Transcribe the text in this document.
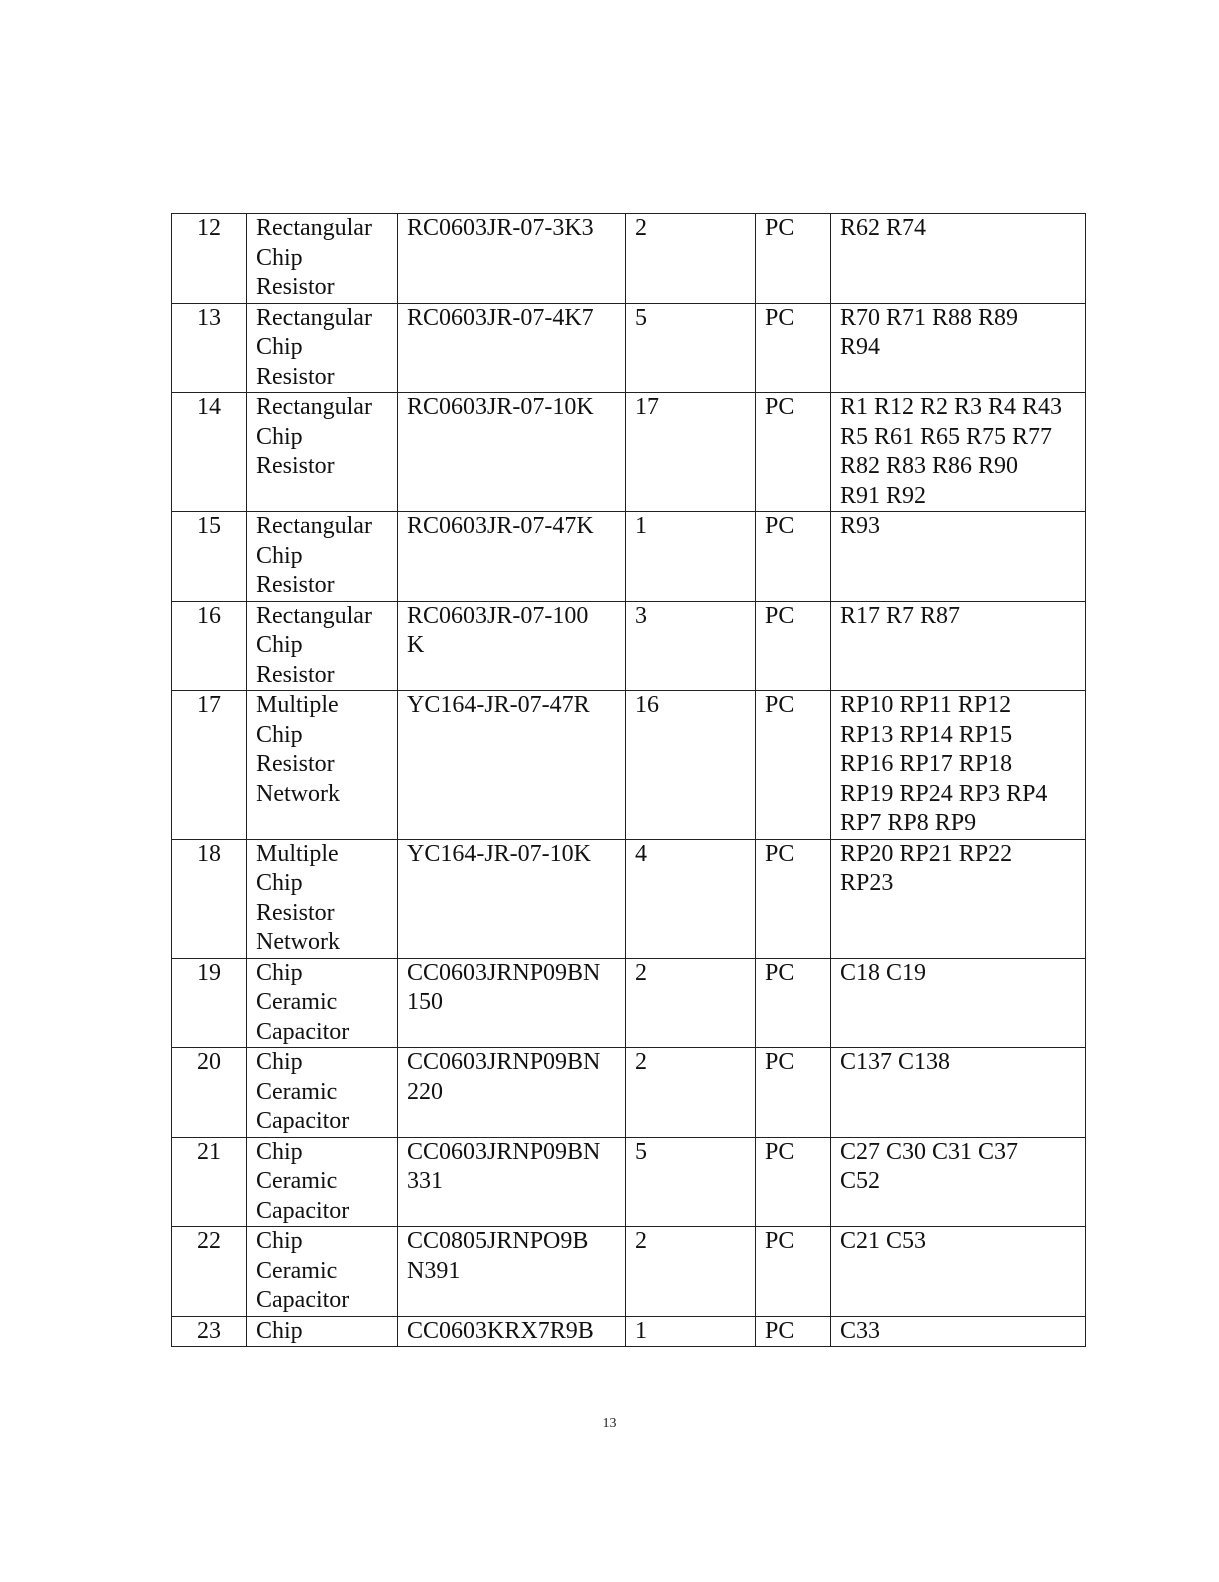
12	Rectangular
Chip
Resistor	RC0603JR-07-3K3	2	PC	R62 R74

13	Rectangular
Chip
Resistor	RC0603JR-07-4K7	5	PC	R70 R71 R88 R89
R94

14	Rectangular
Chip
Resistor	RC0603JR-07-10K	17	PC	R1 R12 R2 R3 R4 R43
R5 R61 R65 R75 R77
R82 R83 R86 R90
R91 R92

15	Rectangular
Chip
Resistor	RC0603JR-07-47K	1	PC	R93

16	Rectangular
Chip
Resistor	RC0603JR-07-100
K	3	PC	R17 R7 R87

17	Multiple
Chip
Resistor
Network	YC164-JR-07-47R	16	PC	RP10 RP11 RP12
RP13 RP14 RP15
RP16 RP17 RP18
RP19 RP24 RP3 RP4
RP7 RP8 RP9

18	Multiple
Chip
Resistor
Network	YC164-JR-07-10K	4	PC	RP20 RP21 RP22
RP23

19	Chip
Ceramic
Capacitor	CC0603JRNP09BN
150	2	PC	C18 C19

20	Chip
Ceramic
Capacitor	CC0603JRNP09BN
220	2	PC	C137 C138

21	Chip
Ceramic
Capacitor	CC0603JRNP09BN
331	5	PC	C27 C30 C31 C37
C52

22	Chip
Ceramic
Capacitor	CC0805JRNPO9B
N391	2	PC	C21 C53

23	Chip	CC0603KRX7R9B	1	PC	C33
13
